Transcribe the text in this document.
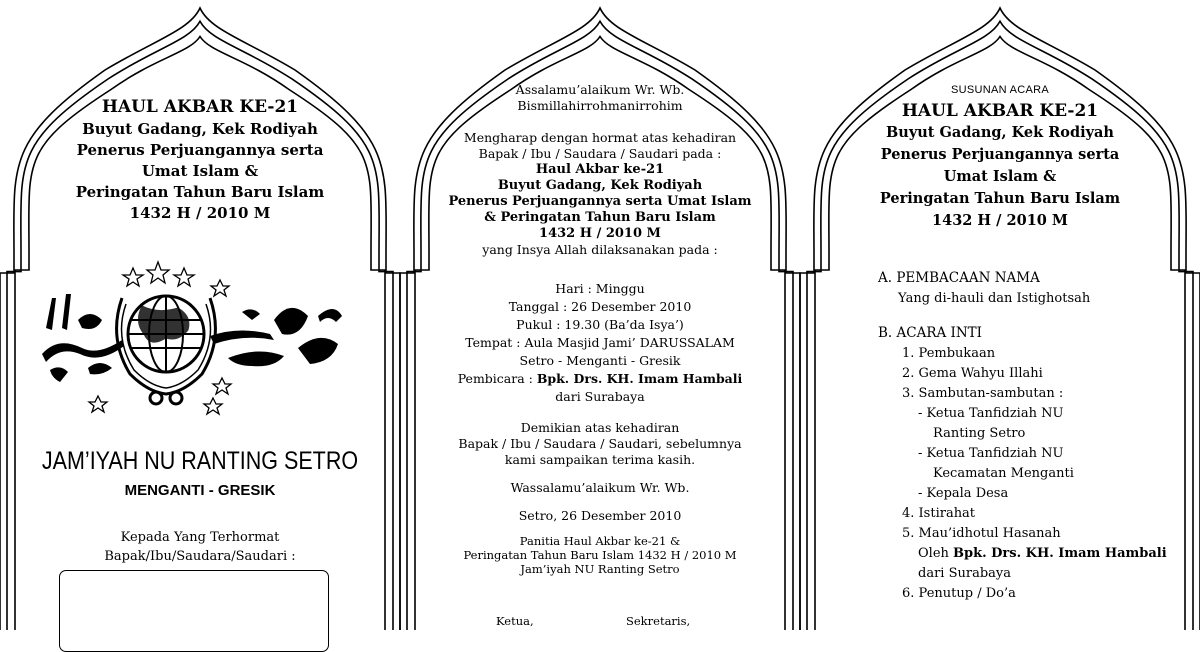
HAUL AKBAR KE-21
Buyut Gadang, Kek Rodiyah
Penerus Perjuangannya serta
Umat Islam &
Peringatan Tahun Baru Islam
1432 H / 2010 M
JAM’IYAH NU RANTING SETRO
MENGANTI - GRESIK
Kepada Yang Terhormat
Bapak/Ibu/Saudara/Saudari :
Assalamu’alaikum Wr. Wb.
Bismillahirrohmanirrohim
Mengharap dengan hormat atas kehadiran
Bapak / Ibu / Saudara / Saudari pada :
Haul Akbar ke-21
Buyut Gadang, Kek Rodiyah
Penerus Perjuangannya serta Umat Islam
& Peringatan Tahun Baru Islam
1432 H / 2010 M
yang Insya Allah dilaksanakan pada :
Hari : Minggu
Tanggal : 26 Desember 2010
Pukul : 19.30 (Ba’da Isya’)
Tempat : Aula Masjid Jami’ DARUSSALAM
Setro - Menganti - Gresik
Pembicara : Bpk. Drs. KH. Imam Hambali
dari Surabaya
Demikian atas kehadiran
Bapak / Ibu / Saudara / Saudari, sebelumnya
kami sampaikan terima kasih.
Wassalamu’alaikum Wr. Wb.
Setro, 26 Desember 2010
Panitia Haul Akbar ke-21 &
Peringatan Tahun Baru Islam 1432 H / 2010 M
Jam’iyah NU Ranting Setro
Ketua,	Sekretaris,
SUSUNAN ACARA
HAUL AKBAR KE-21
Buyut Gadang, Kek Rodiyah
Penerus Perjuangannya serta
Umat Islam &
Peringatan Tahun Baru Islam
1432 H / 2010 M
A. PEMBACAAN NAMA
Yang di-hauli dan Istighotsah
B. ACARA INTI
1. Pembukaan
2. Gema Wahyu Illahi
3. Sambutan-sambutan :
- Ketua Tanfidziah NU
Ranting Setro
- Ketua Tanfidziah NU
Kecamatan Menganti
- Kepala Desa
4. Istirahat
5. Mau’idhotul Hasanah
Oleh Bpk. Drs. KH. Imam Hambali
dari Surabaya
6. Penutup / Do’a
